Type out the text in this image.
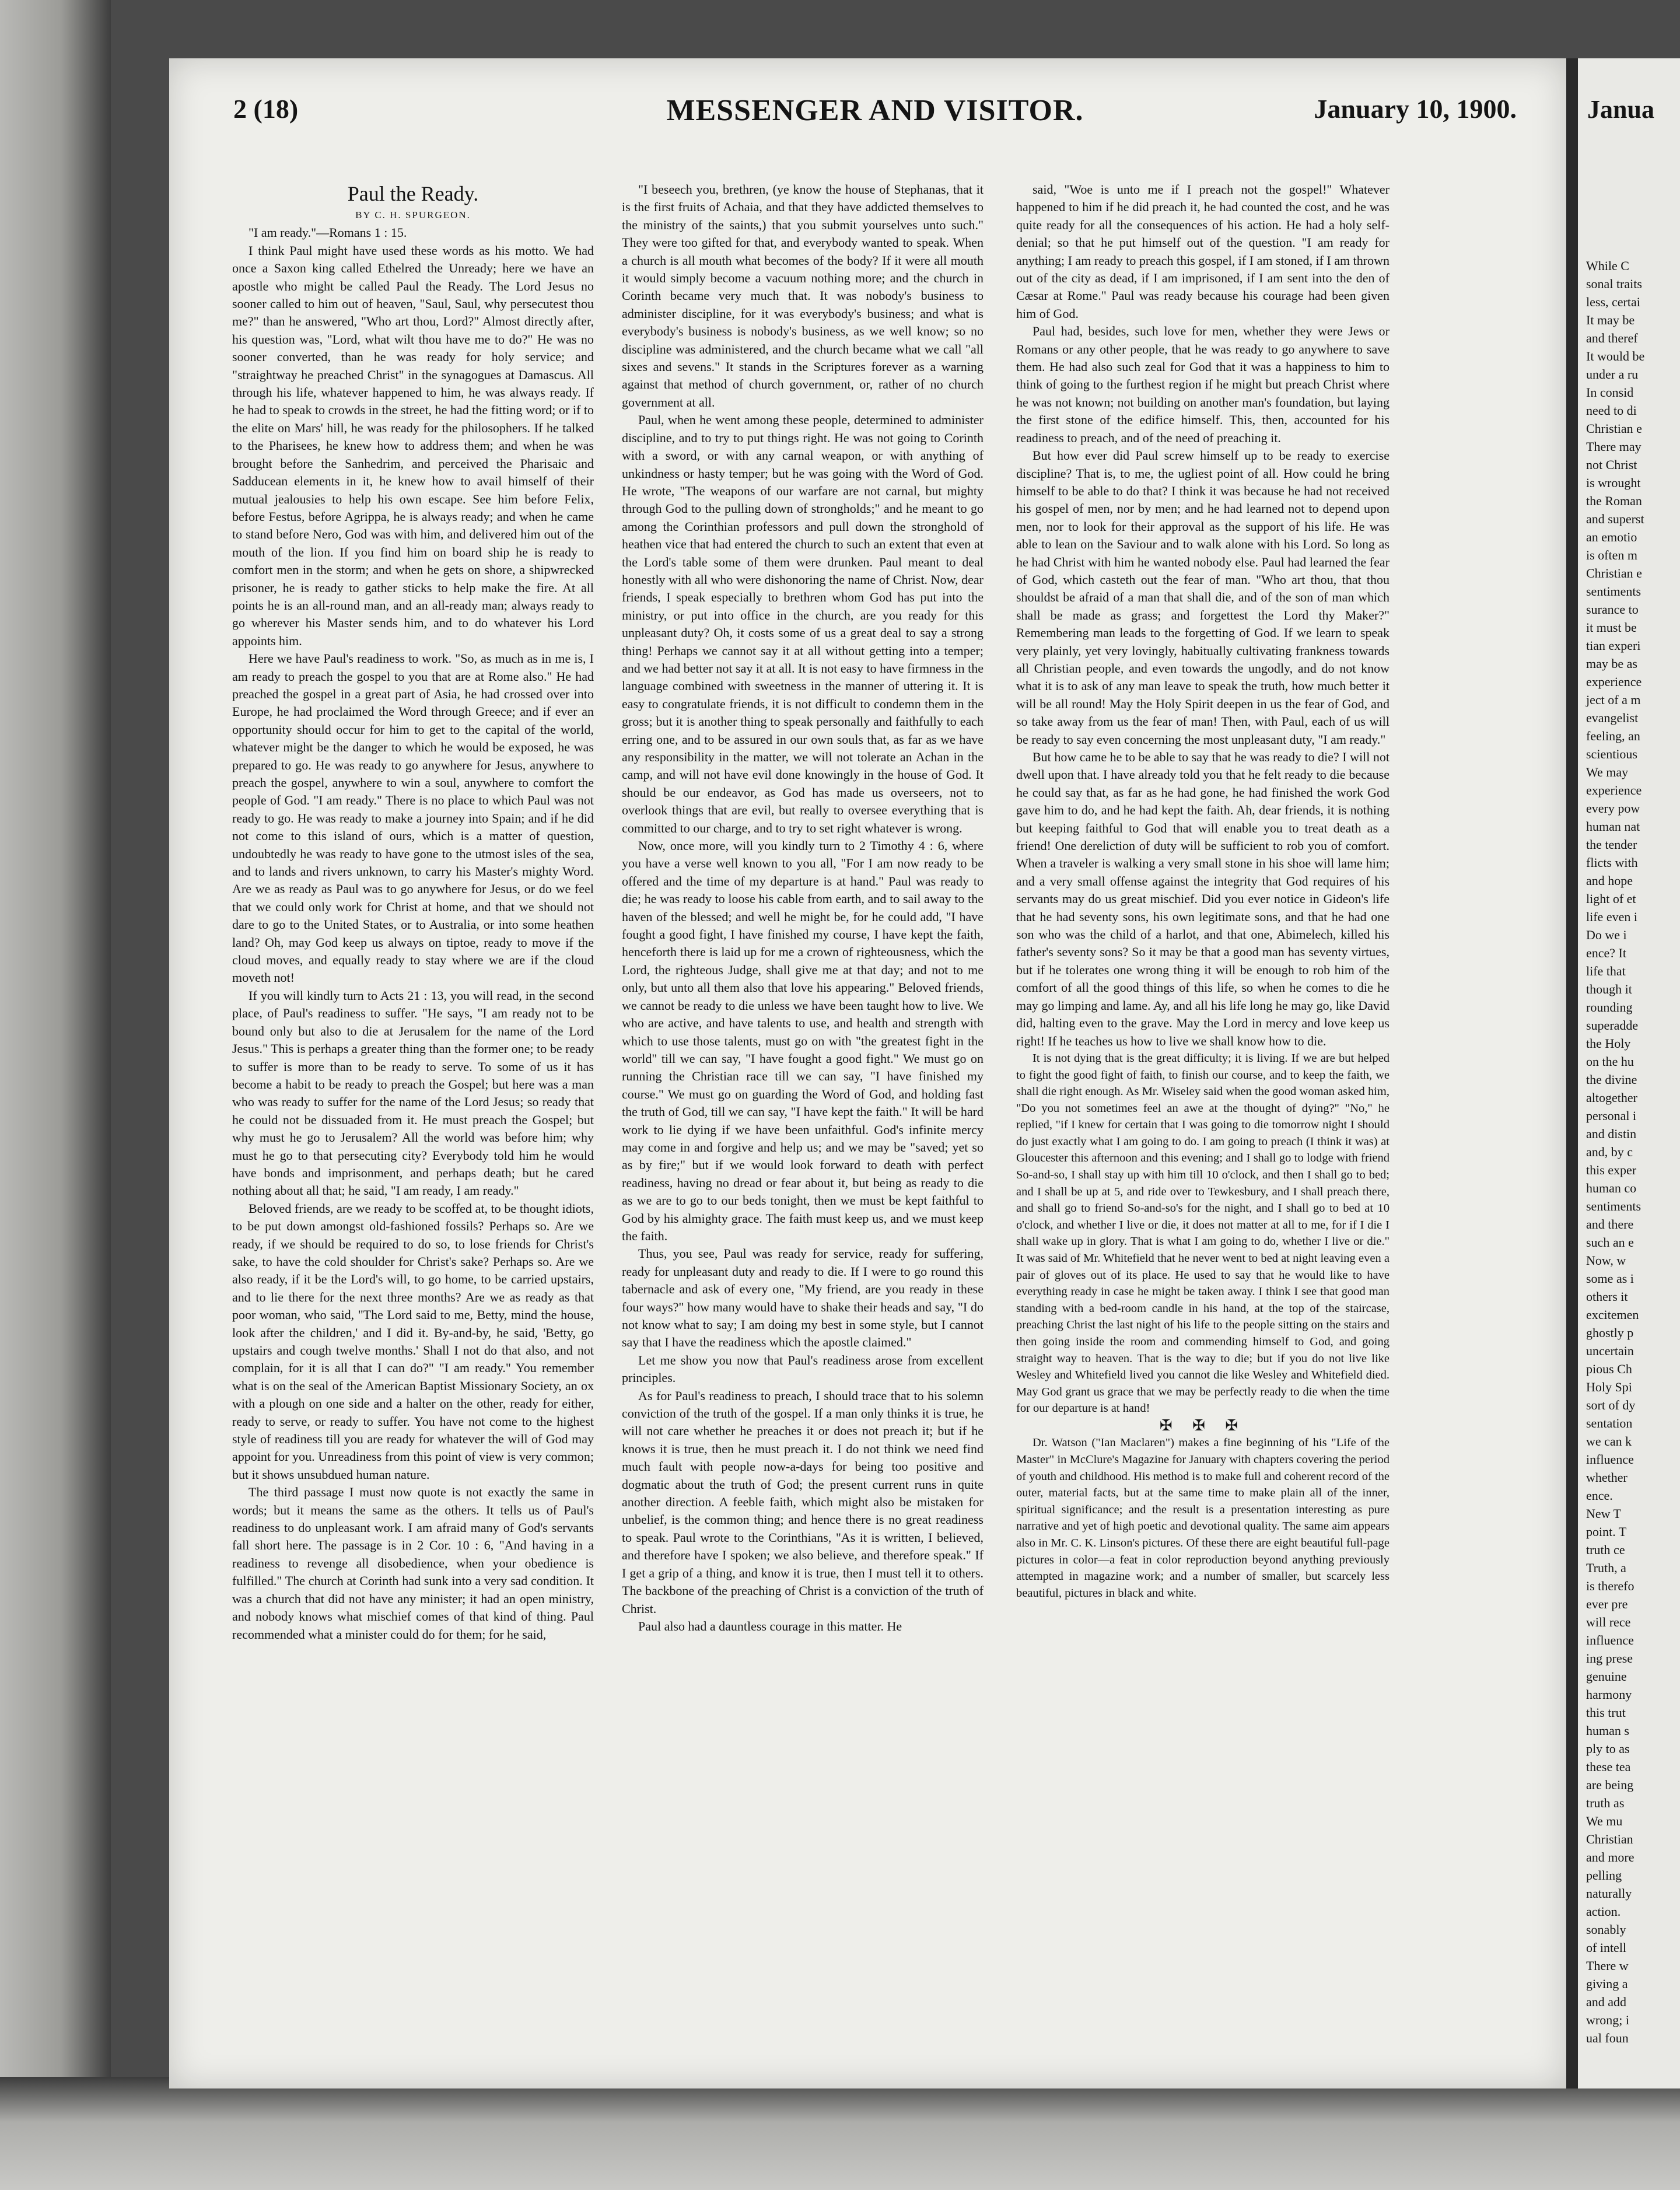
2 (18)	MESSENGER AND VISITOR.	January 10, 1900.

Paul the Ready.

BY C. H. SPURGEON.

"I am ready."—Romans 1 : 15.

I think Paul might have used these words as his motto. We had once a Saxon king called Ethelred the Unready; here we have an apostle who might be called Paul the Ready. The Lord Jesus no sooner called to him out of heaven, "Saul, Saul, why persecutest thou me?" than he answered, "Who art thou, Lord?" Almost directly after, his question was, "Lord, what wilt thou have me to do?" He was no sooner converted, than he was ready for holy service; and "straightway he preached Christ" in the synagogues at Damascus. All through his life, whatever happened to him, he was always ready. If he had to speak to crowds in the street, he had the fitting word; or if to the elite on Mars' hill, he was ready for the philosophers. If he talked to the Pharisees, he knew how to address them; and when he was brought before the Sanhedrim, and perceived the Pharisaic and Sadducean elements in it, he knew how to avail himself of their mutual jealousies to help his own escape. See him before Felix, before Festus, before Agrippa, he is always ready; and when he came to stand before Nero, God was with him, and delivered him out of the mouth of the lion. If you find him on board ship he is ready to comfort men in the storm; and when he gets on shore, a shipwrecked prisoner, he is ready to gather sticks to help make the fire. At all points he is an all-round man, and an all-ready man; always ready to go wherever his Master sends him, and to do whatever his Lord appoints him.

Here we have Paul's readiness to work. "So, as much as in me is, I am ready to preach the gospel to you that are at Rome also." He had preached the gospel in a great part of Asia, he had crossed over into Europe, he had proclaimed the Word through Greece; and if ever an opportunity should occur for him to get to the capital of the world, whatever might be the danger to which he would be exposed, he was prepared to go. He was ready to go anywhere for Jesus, anywhere to preach the gospel, anywhere to win a soul, anywhere to comfort the people of God. "I am ready." There is no place to which Paul was not ready to go. He was ready to make a journey into Spain; and if he did not come to this island of ours, which is a matter of question, undoubtedly he was ready to have gone to the utmost isles of the sea, and to lands and rivers unknown, to carry his Master's mighty Word. Are we as ready as Paul was to go anywhere for Jesus, or do we feel that we could only work for Christ at home, and that we should not dare to go to the United States, or to Australia, or into some heathen land? Oh, may God keep us always on tiptoe, ready to move if the cloud moves, and equally ready to stay where we are if the cloud moveth not!

If you will kindly turn to Acts 21 : 13, you will read, in the second place, of Paul's readiness to suffer. "He says, "I am ready not to be bound only but also to die at Jerusalem for the name of the Lord Jesus." This is perhaps a greater thing than the former one; to be ready to suffer is more than to be ready to serve. To some of us it has become a habit to be ready to preach the Gospel; but here was a man who was ready to suffer for the name of the Lord Jesus; so ready that he could not be dissuaded from it. He must preach the Gospel; but why must he go to Jerusalem? All the world was before him; why must he go to that persecuting city? Everybody told him he would have bonds and imprisonment, and perhaps death; but he cared nothing about all that; he said, "I am ready, I am ready."

Beloved friends, are we ready to be scoffed at, to be thought idiots, to be put down amongst old-fashioned fossils? Perhaps so. Are we ready, if we should be required to do so, to lose friends for Christ's sake, to have the cold shoulder for Christ's sake? Perhaps so. Are we also ready, if it be the Lord's will, to go home, to be carried upstairs, and to lie there for the next three months? Are we as ready as that poor woman, who said, "The Lord said to me, Betty, mind the house, look after the children,' and I did it. By-and-by, he said, 'Betty, go upstairs and cough twelve months.' Shall I not do that also, and not complain, for it is all that I can do?" "I am ready." You remember what is on the seal of the American Baptist Missionary Society, an ox with a plough on one side and a halter on the other, ready for either, ready to serve, or ready to suffer. You have not come to the highest style of readiness till you are ready for whatever the will of God may appoint for you. Unreadiness from this point of view is very common; but it shows unsubdued human nature.

The third passage I must now quote is not exactly the same in words; but it means the same as the others. It tells us of Paul's readiness to do unpleasant work. I am afraid many of God's servants fall short here. The passage is in 2 Cor. 10 : 6, "And having in a readiness to revenge all disobedience, when your obedience is fulfilled." The church at Corinth had sunk into a very sad condition. It was a church that did not have any minister; it had an open ministry, and nobody knows what mischief comes of that kind of thing. Paul recommended what a minister could do for them; for he said,

"I beseech you, brethren, (ye know the house of Stephanas, that it is the first fruits of Achaia, and that they have addicted themselves to the ministry of the saints,) that you submit yourselves unto such." They were too gifted for that, and everybody wanted to speak. When a church is all mouth what becomes of the body? If it were all mouth it would simply become a vacuum nothing more; and the church in Corinth became very much that. It was nobody's business to administer discipline, for it was everybody's business; and what is everybody's business is nobody's business, as we well know; so no discipline was administered, and the church became what we call "all sixes and sevens." It stands in the Scriptures forever as a warning against that method of church government, or, rather of no church government at all.

Paul, when he went among these people, determined to administer discipline, and to try to put things right. He was not going to Corinth with a sword, or with any carnal weapon, or with anything of unkindness or hasty temper; but he was going with the Word of God. He wrote, "The weapons of our warfare are not carnal, but mighty through God to the pulling down of strongholds;" and he meant to go among the Corinthian professors and pull down the stronghold of heathen vice that had entered the church to such an extent that even at the Lord's table some of them were drunken. Paul meant to deal honestly with all who were dishonoring the name of Christ. Now, dear friends, I speak especially to brethren whom God has put into the ministry, or put into office in the church, are you ready for this unpleasant duty? Oh, it costs some of us a great deal to say a strong thing! Perhaps we cannot say it at all without getting into a temper; and we had better not say it at all. It is not easy to have firmness in the language combined with sweetness in the manner of uttering it. It is easy to congratulate friends, it is not difficult to condemn them in the gross; but it is another thing to speak personally and faithfully to each erring one, and to be assured in our own souls that, as far as we have any responsibility in the matter, we will not tolerate an Achan in the camp, and will not have evil done knowingly in the house of God. It should be our endeavor, as God has made us overseers, not to overlook things that are evil, but really to oversee everything that is committed to our charge, and to try to set right whatever is wrong.

Now, once more, will you kindly turn to 2 Timothy 4 : 6, where you have a verse well known to you all, "For I am now ready to be offered and the time of my departure is at hand." Paul was ready to die; he was ready to loose his cable from earth, and to sail away to the haven of the blessed; and well he might be, for he could add, "I have fought a good fight, I have finished my course, I have kept the faith, henceforth there is laid up for me a crown of righteousness, which the Lord, the righteous Judge, shall give me at that day; and not to me only, but unto all them also that love his appearing." Beloved friends, we cannot be ready to die unless we have been taught how to live. We who are active, and have talents to use, and health and strength with which to use those talents, must go on with "the greatest fight in the world" till we can say, "I have fought a good fight." We must go on running the Christian race till we can say, "I have finished my course." We must go on guarding the Word of God, and holding fast the truth of God, till we can say, "I have kept the faith." It will be hard work to lie dying if we have been unfaithful. God's infinite mercy may come in and forgive and help us; and we may be "saved; yet so as by fire;" but if we would look forward to death with perfect readiness, having no dread or fear about it, but being as ready to die as we are to go to our beds tonight, then we must be kept faithful to God by his almighty grace. The faith must keep us, and we must keep the faith.

Thus, you see, Paul was ready for service, ready for suffering, ready for unpleasant duty and ready to die. If I were to go round this tabernacle and ask of every one, "My friend, are you ready in these four ways?" how many would have to shake their heads and say, "I do not know what to say; I am doing my best in some style, but I cannot say that I have the readiness which the apostle claimed."

Let me show you now that Paul's readiness arose from excellent principles.

As for Paul's readiness to preach, I should trace that to his solemn conviction of the truth of the gospel. If a man only thinks it is true, he will not care whether he preaches it or does not preach it; but if he knows it is true, then he must preach it. I do not think we need find much fault with people now-a-days for being too positive and dogmatic about the truth of God; the present current runs in quite another direction. A feeble faith, which might also be mistaken for unbelief, is the common thing; and hence there is no great readiness to speak. Paul wrote to the Corinthians, "As it is written, I believed, and therefore have I spoken; we also believe, and therefore speak." If I get a grip of a thing, and know it is true, then I must tell it to others. The backbone of the preaching of Christ is a conviction of the truth of Christ.

Paul also had a dauntless courage in this matter. He

said, "Woe is unto me if I preach not the gospel!" Whatever happened to him if he did preach it, he had counted the cost, and he was quite ready for all the consequences of his action. He had a holy self-denial; so that he put himself out of the question. "I am ready for anything; I am ready to preach this gospel, if I am stoned, if I am thrown out of the city as dead, if I am imprisoned, if I am sent into the den of Cæsar at Rome." Paul was ready because his courage had been given him of God.

Paul had, besides, such love for men, whether they were Jews or Romans or any other people, that he was ready to go anywhere to save them. He had also such zeal for God that it was a happiness to him to think of going to the furthest region if he might but preach Christ where he was not known; not building on another man's foundation, but laying the first stone of the edifice himself. This, then, accounted for his readiness to preach, and of the need of preaching it.

But how ever did Paul screw himself up to be ready to exercise discipline? That is, to me, the ugliest point of all. How could he bring himself to be able to do that? I think it was because he had not received his gospel of men, nor by men; and he had learned not to depend upon men, nor to look for their approval as the support of his life. He was able to lean on the Saviour and to walk alone with his Lord. So long as he had Christ with him he wanted nobody else. Paul had learned the fear of God, which casteth out the fear of man. "Who art thou, that thou shouldst be afraid of a man that shall die, and of the son of man which shall be made as grass; and forgettest the Lord thy Maker?" Remembering man leads to the forgetting of God. If we learn to speak very plainly, yet very lovingly, habitually cultivating frankness towards all Christian people, and even towards the ungodly, and do not know what it is to ask of any man leave to speak the truth, how much better it will be all round! May the Holy Spirit deepen in us the fear of God, and so take away from us the fear of man! Then, with Paul, each of us will be ready to say even concerning the most unpleasant duty, "I am ready."

But how came he to be able to say that he was ready to die? I will not dwell upon that. I have already told you that he felt ready to die because he could say that, as far as he had gone, he had finished the work God gave him to do, and he had kept the faith. Ah, dear friends, it is nothing but keeping faithful to God that will enable you to treat death as a friend! One dereliction of duty will be sufficient to rob you of comfort. When a traveler is walking a very small stone in his shoe will lame him; and a very small offense against the integrity that God requires of his servants may do us great mischief. Did you ever notice in Gideon's life that he had seventy sons, his own legitimate sons, and that he had one son who was the child of a harlot, and that one, Abimelech, killed his father's seventy sons? So it may be that a good man has seventy virtues, but if he tolerates one wrong thing it will be enough to rob him of the comfort of all the good things of this life, so when he comes to die he may go limping and lame. Ay, and all his life long he may go, like David did, halting even to the grave. May the Lord in mercy and love keep us right! If he teaches us how to live we shall know how to die.

It is not dying that is the great difficulty; it is living. If we are but helped to fight the good fight of faith, to finish our course, and to keep the faith, we shall die right enough. As Mr. Wiseley said when the good woman asked him, "Do you not sometimes feel an awe at the thought of dying?" "No," he replied, "if I knew for certain that I was going to die tomorrow night I should do just exactly what I am going to do. I am going to preach (I think it was) at Gloucester this afternoon and this evening; and I shall go to lodge with friend So-and-so, I shall stay up with him till 10 o'clock, and then I shall go to bed; and I shall be up at 5, and ride over to Tewkesbury, and I shall preach there, and shall go to friend So-and-so's for the night, and I shall go to bed at 10 o'clock, and whether I live or die, it does not matter at all to me, for if I die I shall wake up in glory. That is what I am going to do, whether I live or die." It was said of Mr. Whitefield that he never went to bed at night leaving even a pair of gloves out of its place. He used to say that he would like to have everything ready in case he might be taken away. I think I see that good man standing with a bed-room candle in his hand, at the top of the staircase, preaching Christ the last night of his life to the people sitting on the stairs and then going inside the room and commending himself to God, and going straight way to heaven. That is the way to die; but if you do not live like Wesley and Whitefield lived you cannot die like Wesley and Whitefield died. May God grant us grace that we may be perfectly ready to die when the time for our departure is at hand!

✠ ✠ ✠

Dr. Watson ("Ian Maclaren") makes a fine beginning of his "Life of the Master" in McClure's Magazine for January with chapters covering the period of youth and childhood. His method is to make full and coherent record of the outer, material facts, but at the same time to make plain all of the inner, spiritual significance; and the result is a presentation interesting as pure narrative and yet of high poetic and devotional quality. The same aim appears also in Mr. C. K. Linson's pictures. Of these there are eight beautiful full-page pictures in color—a feat in color reproduction beyond anything previously attempted in magazine work; and a number of smaller, but scarcely less beautiful, pictures in black and white.

Janua
While C
sonal traits
less, certai
It may be
and theref
It would be
under a ru
In consid
need to di
Christian e
There may
not Christ
is wrought
the Roman
and superst
an emotio
is often m
Christian e
sentiments
surance to
it must be
tian experi
may be as
experience
ject of a m
evangelist
feeling, an
scientious
We may
experience
every pow
human nat
the tender
flicts with
and hope
light of et
life even i
Do we i
ence? It
life that
though it
rounding
superadde
the Holy
on the hu
the divine
altogether
personal i
and distin
and, by c
this exper
human co
sentiments
and there
such an e
Now, w
some as i
others it
excitemen
ghostly p
uncertain
pious Ch
Holy Spi
sort of dy
sentation
we can k
influence
whether
ence.
New T
point. T
truth ce
Truth, a
is therefo
ever pre
will rece
influence
ing prese
genuine
harmony
this trut
human s
ply to as
these tea
are being
truth as
We mu
Christian
and more
pelling
naturally
action.
sonably
of intell
There w
giving a
and add
wrong; i
ual foun
